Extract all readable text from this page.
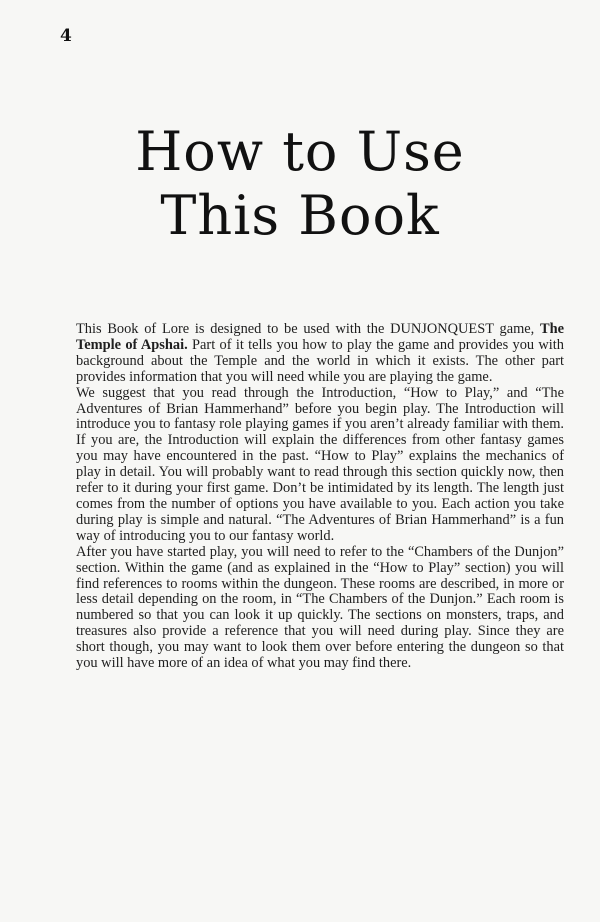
4
How to Use
This Book

This Book of Lore is designed to be used with the DUNJONQUEST game, The Temple of Apshai. Part of it tells you how to play the game and provides you with background about the Temple and the world in which it exists. The other part provides information that you will need while you are playing the game.

We suggest that you read through the Introduction, “How to Play,” and “The Adventures of Brian Hammerhand” before you begin play. The Introduction will introduce you to fantasy role playing games if you aren’t already familiar with them. If you are, the Introduction will explain the differences from other fantasy games you may have encountered in the past. “How to Play” explains the mechanics of play in detail. You will probably want to read through this section quickly now, then refer to it during your first game. Don’t be intimidated by its length. The length just comes from the number of options you have available to you. Each action you take during play is simple and natural. “The Adventures of Brian Hammerhand” is a fun way of introducing you to our fantasy world.

After you have started play, you will need to refer to the “Chambers of the Dunjon” section. Within the game (and as explained in the “How to Play” section) you will find references to rooms within the dungeon. These rooms are described, in more or less detail depending on the room, in “The Chambers of the Dunjon.” Each room is numbered so that you can look it up quickly. The sections on monsters, traps, and treasures also provide a reference that you will need during play. Since they are short though, you may want to look them over before entering the dungeon so that you will have more of an idea of what you may find there.
